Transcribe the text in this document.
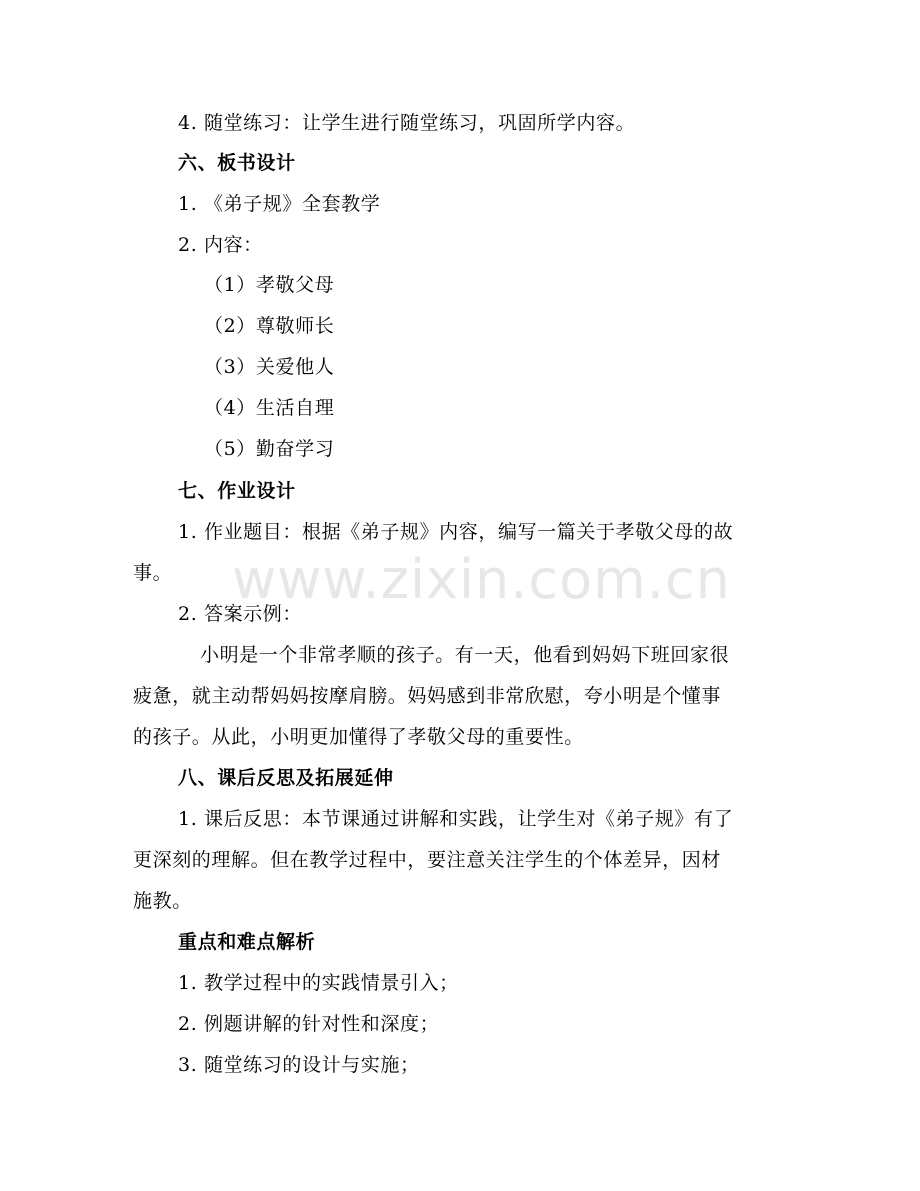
4. 随堂练习：让学生进行随堂练习，巩固所学内容。
六、板书设计
1. 《弟子规》全套教学
2. 内容：
（1）孝敬父母
（2）尊敬师长
（3）关爱他人
（4）生活自理
（5）勤奋学习
七、作业设计
1. 作业题目：根据《弟子规》内容，编写一篇关于孝敬父母的故
事。
2. 答案示例：
小明是一个非常孝顺的孩子。有一天，他看到妈妈下班回家很
疲惫，就主动帮妈妈按摩肩膀。妈妈感到非常欣慰，夸小明是个懂事
的孩子。从此，小明更加懂得了孝敬父母的重要性。
八、课后反思及拓展延伸
1. 课后反思：本节课通过讲解和实践，让学生对《弟子规》有了
更深刻的理解。但在教学过程中，要注意关注学生的个体差异，因材
施教。
重点和难点解析
1. 教学过程中的实践情景引入；
2. 例题讲解的针对性和深度；
3. 随堂练习的设计与实施；
www.zixin.com.cn
